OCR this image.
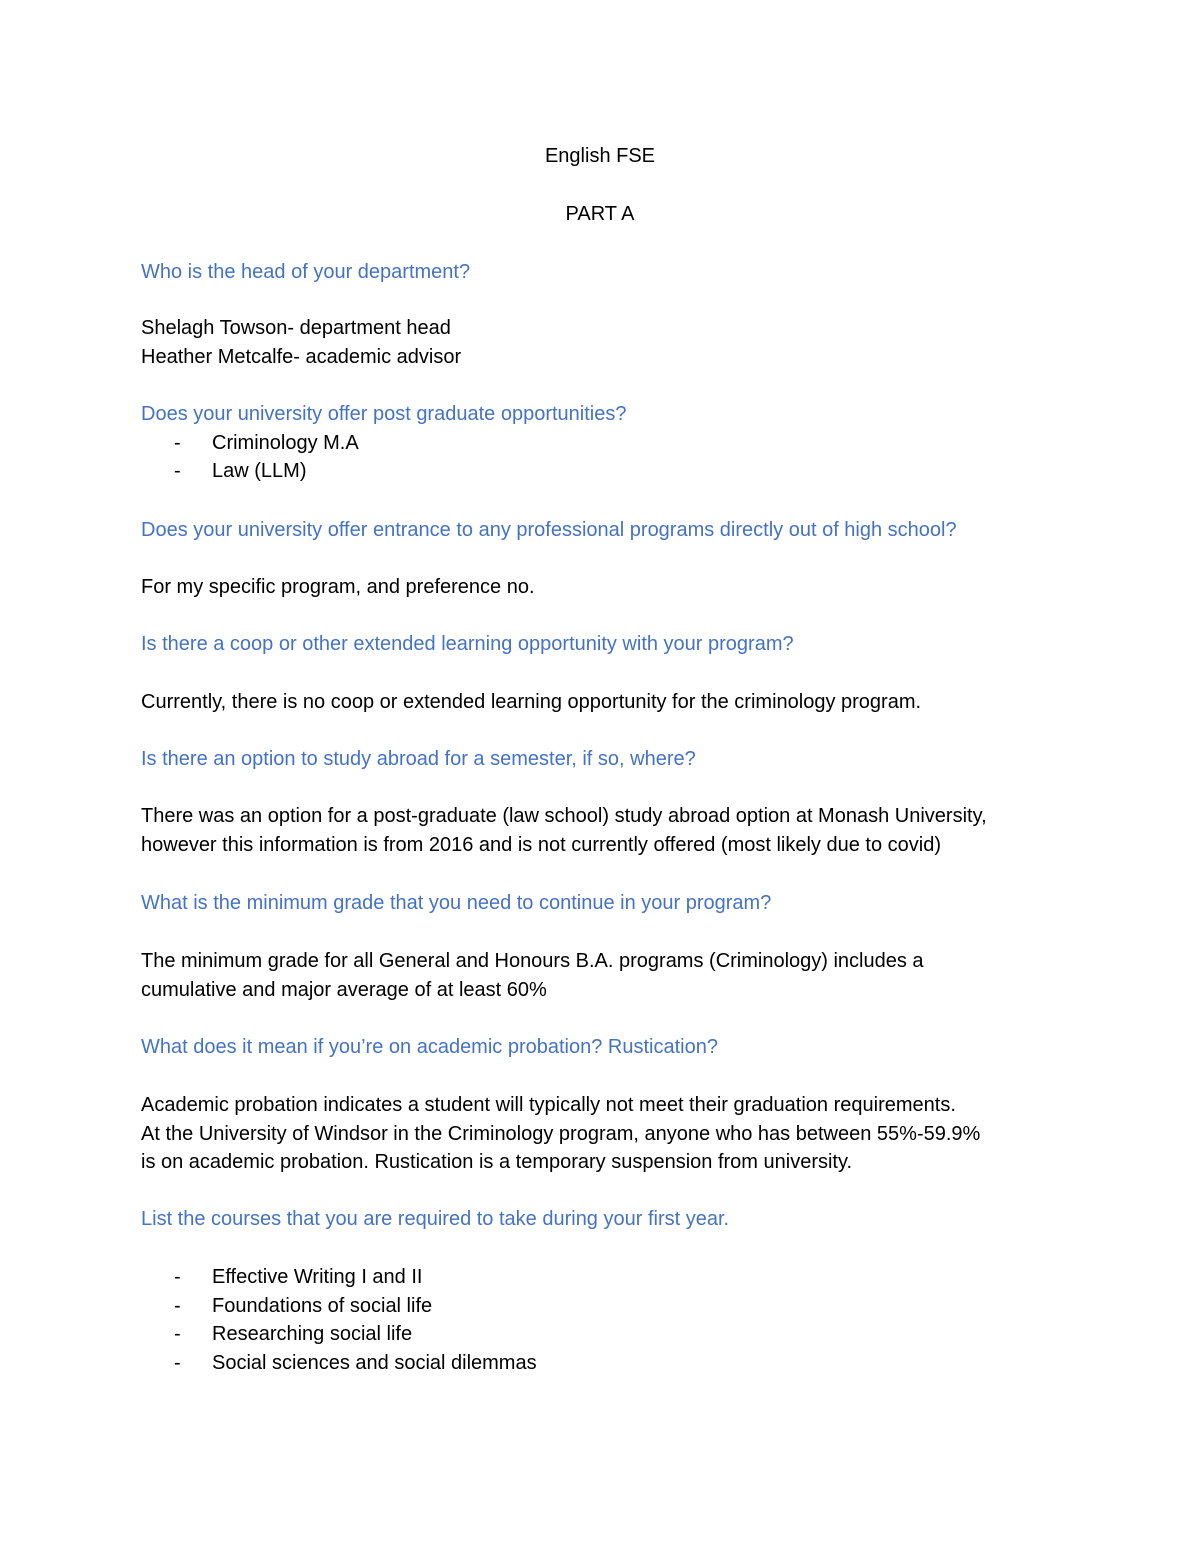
English FSE
PART A

Who is the head of your department?

Shelagh Towson- department head

Heather Metcalfe- academic advisor

Does your university offer post graduate opportunities?

- Criminology M.A
- Law (LLM)

Does your university offer entrance to any professional programs directly out of high school?

For my specific program, and preference no.

Is there a coop or other extended learning opportunity with your program?

Currently, there is no coop or extended learning opportunity for the criminology program.

Is there an option to study abroad for a semester, if so, where?

There was an option for a post-graduate (law school) study abroad option at Monash University,

however this information is from 2016 and is not currently offered (most likely due to covid)

What is the minimum grade that you need to continue in your program?

The minimum grade for all General and Honours B.A. programs (Criminology) includes a

cumulative and major average of at least 60%

What does it mean if you’re on academic probation? Rustication?

Academic probation indicates a student will typically not meet their graduation requirements.

At the University of Windsor in the Criminology program, anyone who has between 55%-59.9%

is on academic probation. Rustication is a temporary suspension from university.

List the courses that you are required to take during your first year.

- Effective Writing I and II
- Foundations of social life
- Researching social life
- Social sciences and social dilemmas
